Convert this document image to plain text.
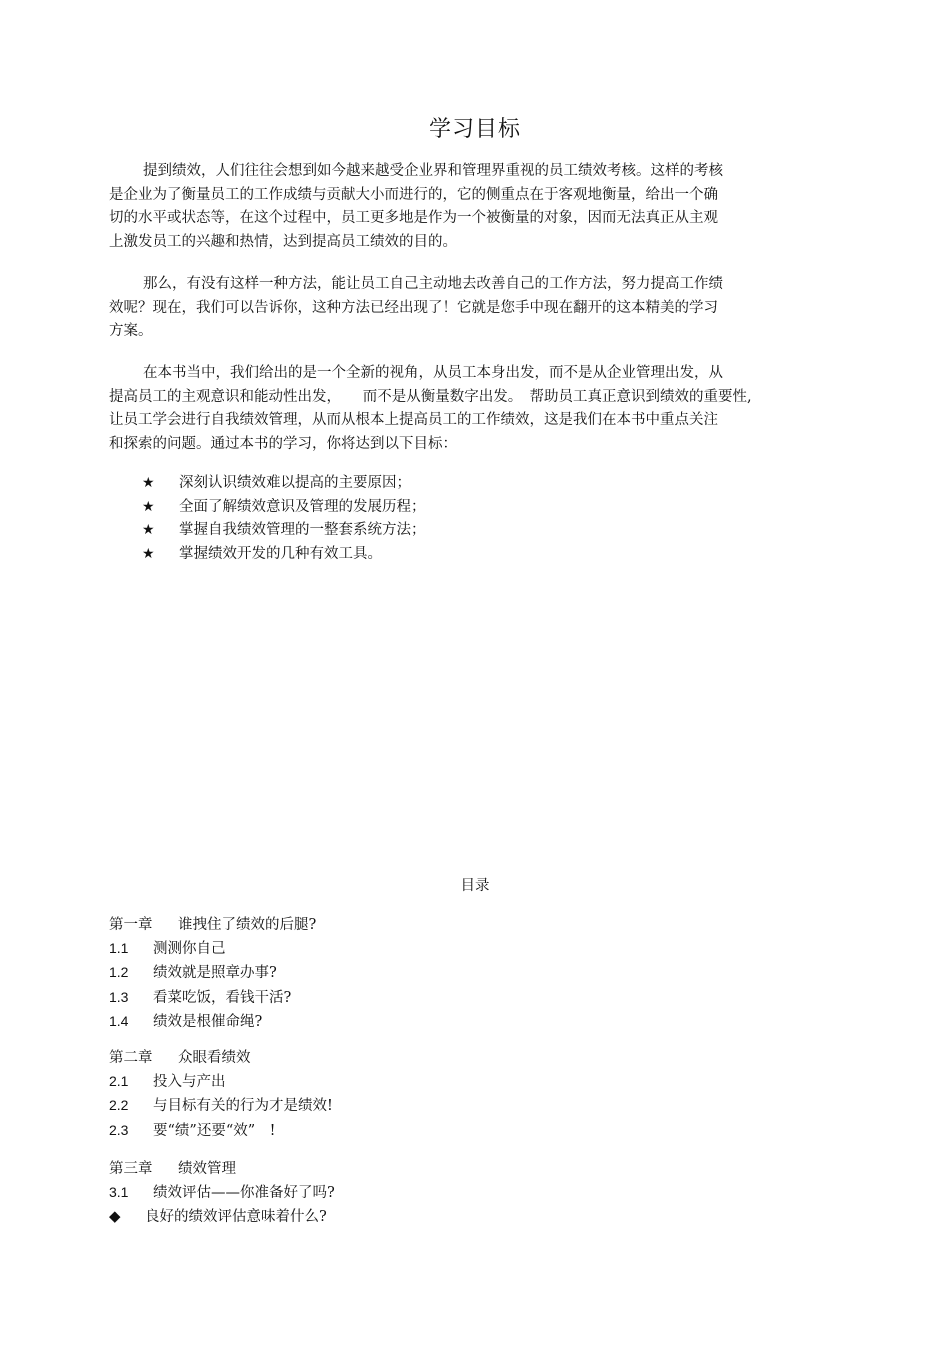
学习目标
提到绩效，人们往往会想到如今越来越受企业界和管理界重视的员工绩效考核。这样的考核
是企业为了衡量员工的工作成绩与贡献大小而进行的，它的侧重点在于客观地衡量，给出一个确
切的水平或状态等，在这个过程中，员工更多地是作为一个被衡量的对象，因而无法真正从主观
上激发员工的兴趣和热情，达到提高员工绩效的目的。
那么，有没有这样一种方法，能让员工自己主动地去改善自己的工作方法，努力提高工作绩
效呢？现在，我们可以告诉你，这种方法已经出现了！它就是您手中现在翻开的这本精美的学习
方案。
在本书当中，我们给出的是一个全新的视角，从员工本身出发，而不是从企业管理出发，从
提高员工的主观意识和能动性出发，　　而不是从衡量数字出发。　帮助员工真正意识到绩效的重要性,
让员工学会进行自我绩效管理，从而从根本上提高员工的工作绩效，这是我们在本书中重点关注
和探索的问题。通过本书的学习，你将达到以下目标：
★ 深刻认识绩效难以提高的主要原因；
★ 全面了解绩效意识及管理的发展历程；
★ 掌握自我绩效管理的一整套系统方法；
★ 掌握绩效开发的几种有效工具。
目录
第一章 谁拽住了绩效的后腿?
1.1 测测你自己
1.2 绩效就是照章办事?
1.3 看菜吃饭，看钱干活?
1.4 绩效是根催命绳?
第二章 众眼看绩效
2.1 投入与产出
2.2 与目标有关的行为才是绩效!
2.3 要“绩”还要“效”　!
第三章 绩效管理
3.1 绩效评估——你准备好了吗?
◆ 良好的绩效评估意味着什么?
